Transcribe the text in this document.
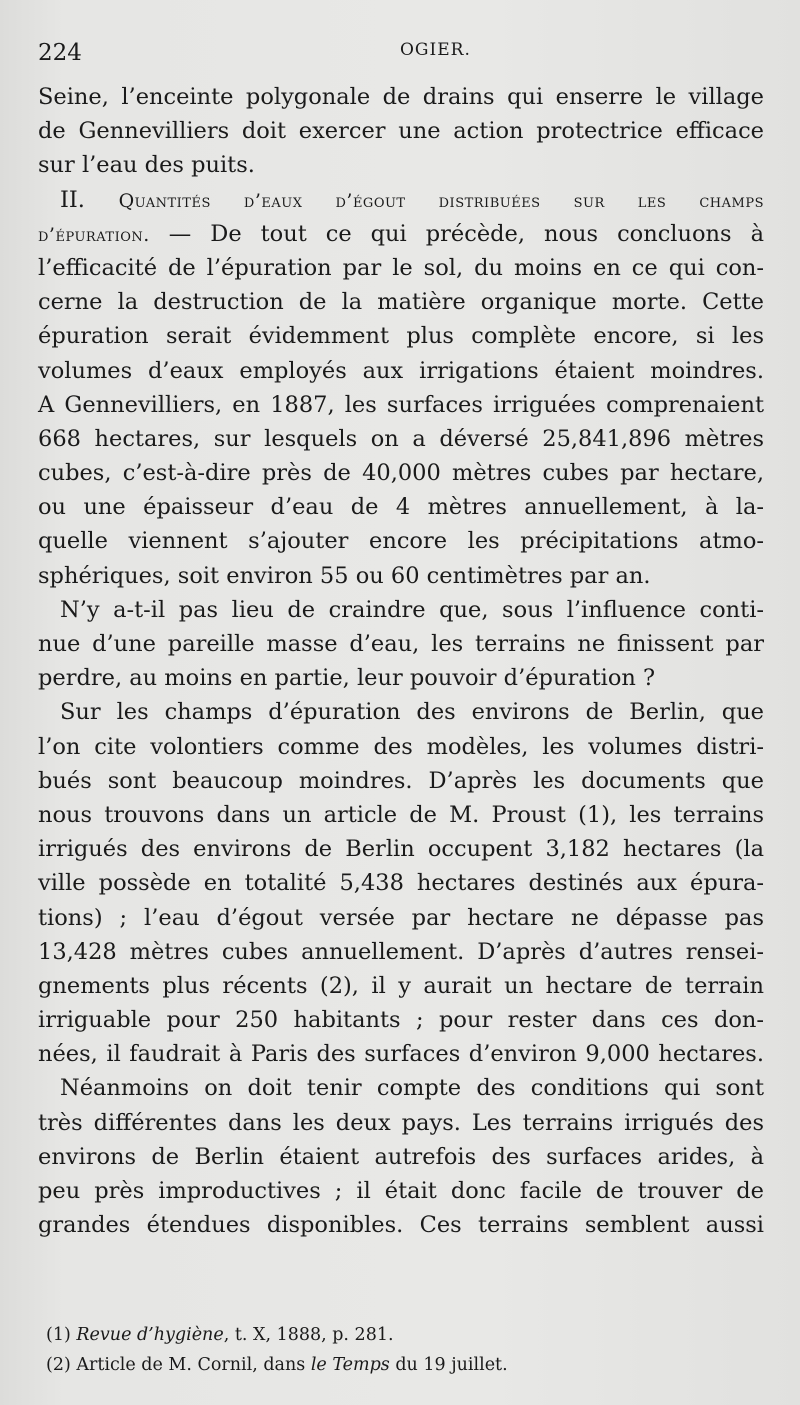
224	OGIER.
Seine, l’enceinte polygonale de drains qui enserre le village
de Gennevilliers doit exercer une action protectrice efficace
sur l’eau des puits.
II. Quantités d’eaux d’égout distribuées sur les champs
d’épuration. — De tout ce qui précède, nous concluons à
l’efficacité de l’épuration par le sol, du moins en ce qui con-
cerne la destruction de la matière organique morte. Cette
épuration serait évidemment plus complète encore, si les
volumes d’eaux employés aux irrigations étaient moindres.
A Gennevilliers, en 1887, les surfaces irriguées comprenaient
668 hectares, sur lesquels on a déversé 25,841,896 mètres
cubes, c’est-à-dire près de 40,000 mètres cubes par hectare,
ou une épaisseur d’eau de 4 mètres annuellement, à la-
quelle viennent s’ajouter encore les précipitations atmo-
sphériques, soit environ 55 ou 60 centimètres par an.
N’y a-t-il pas lieu de craindre que, sous l’influence conti-
nue d’une pareille masse d’eau, les terrains ne finissent par
perdre, au moins en partie, leur pouvoir d’épuration ?
Sur les champs d’épuration des environs de Berlin, que
l’on cite volontiers comme des modèles, les volumes distri-
bués sont beaucoup moindres. D’après les documents que
nous trouvons dans un article de M. Proust (1), les terrains
irrigués des environs de Berlin occupent 3,182 hectares (la
ville possède en totalité 5,438 hectares destinés aux épura-
tions) ; l’eau d’égout versée par hectare ne dépasse pas
13,428 mètres cubes annuellement. D’après d’autres rensei-
gnements plus récents (2), il y aurait un hectare de terrain
irriguable pour 250 habitants ; pour rester dans ces don-
nées, il faudrait à Paris des surfaces d’environ 9,000 hectares.
Néanmoins on doit tenir compte des conditions qui sont
très différentes dans les deux pays. Les terrains irrigués des
environs de Berlin étaient autrefois des surfaces arides, à
peu près improductives ; il était donc facile de trouver de
grandes étendues disponibles. Ces terrains semblent aussi
(1) Revue d’hygiène, t. X, 1888, p. 281.
(2) Article de M. Cornil, dans le Temps du 19 juillet.
